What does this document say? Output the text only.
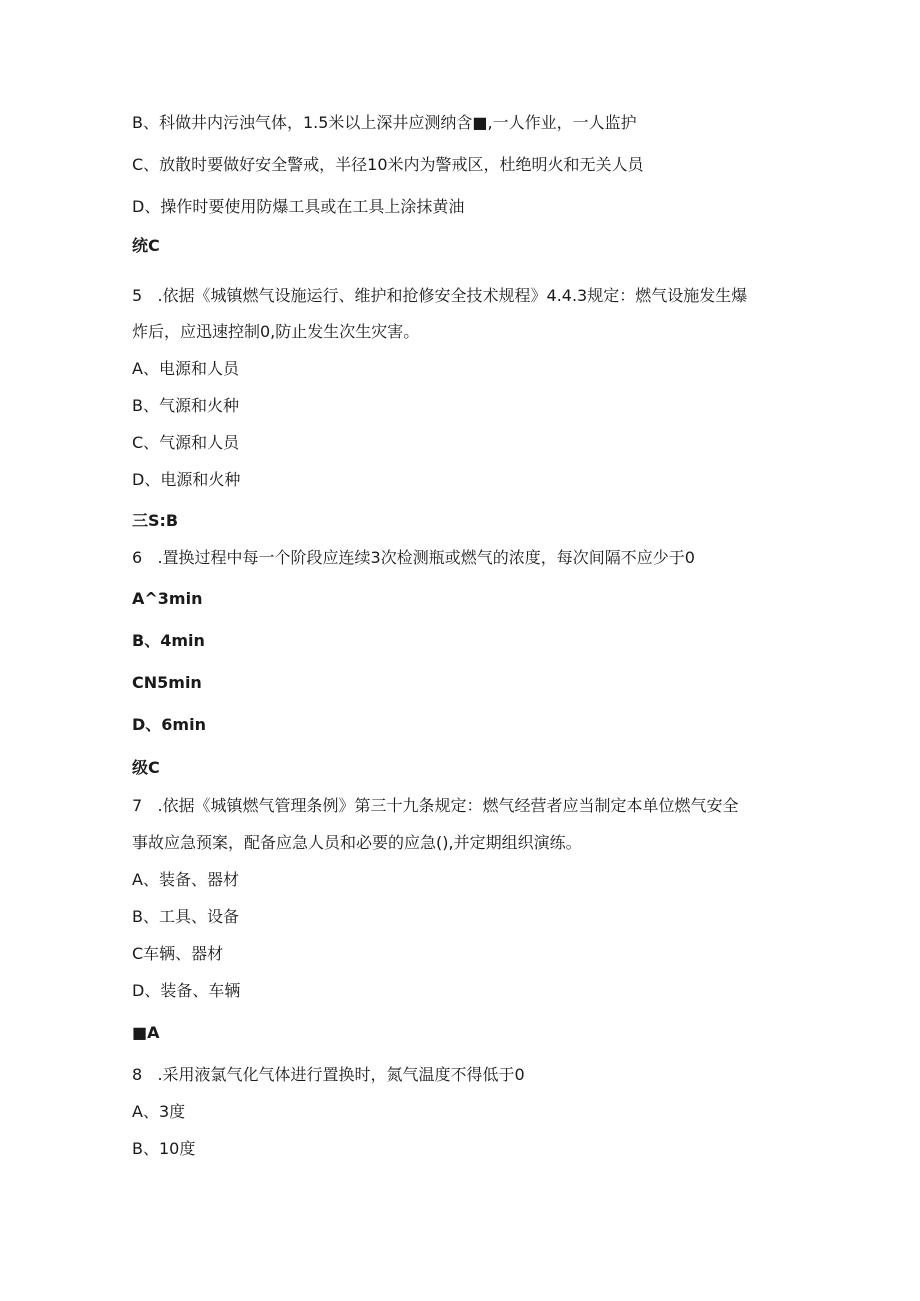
B、科做井内污浊气体，1.5米以上深井应测纳含■,一人作业，一人监护
C、放散时要做好安全警戒，半径10米内为警戒区，杜绝明火和无关人员
D、操作时要使用防爆工具或在工具上涂抹黄油
统C
5   .依据《城镇燃气设施运行、维护和抢修安全技术规程》4.4.3规定：燃气设施发生爆
炸后，应迅速控制0,防止发生次生灾害。
A、电源和人员
B、气源和火种
C、气源和人员
D、电源和火种
三S:B
6   .置换过程中每一个阶段应连续3次检测瓶或燃气的浓度，每次间隔不应少于0
A^3min
B、4min
CN5min
D、6min
级C
7   .依据《城镇燃气管理条例》第三十九条规定：燃气经营者应当制定本单位燃气安全
事故应急预案，配备应急人员和必要的应急(),并定期组织演练。
A、装备、器材
B、工具、设备
C车辆、器材
D、装备、车辆
■A
8   .采用液氯气化气体进行置换时，氮气温度不得低于0
A、3度
B、10度
